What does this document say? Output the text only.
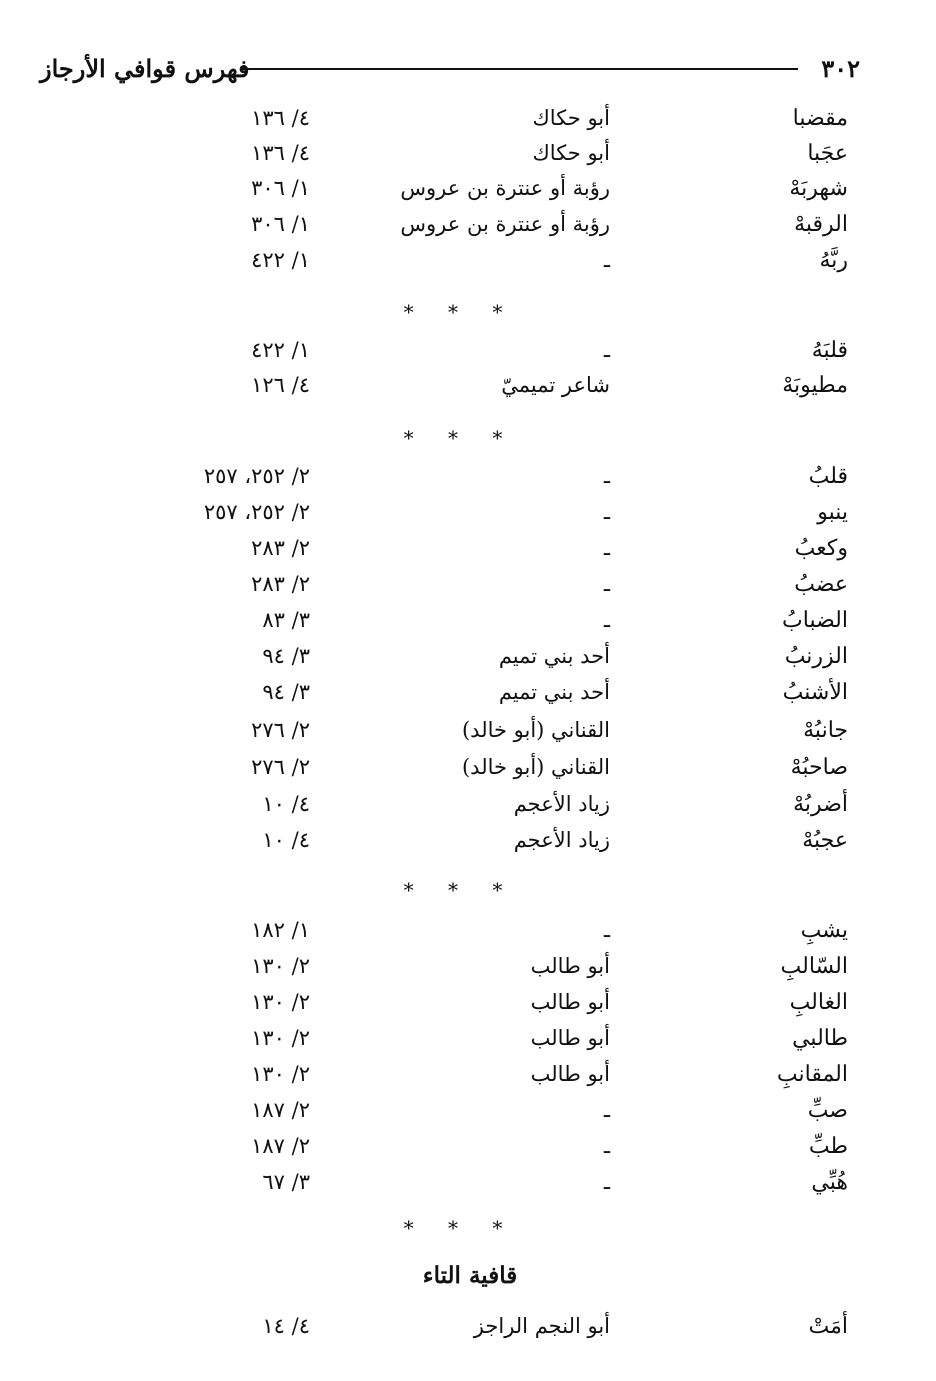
فهرس قوافي الأرجاز	٣٠٢
مقضبا
أبو حكاك
٤/ ١٣٦
عجَبا
أبو حكاك
٤/ ١٣٦
شهربَهْ
رؤبة أو عنترة بن عروس
١/ ٣٠٦
الرقبهْ
رؤبة أو عنترة بن عروس
١/ ٣٠٦
ربَّهُ
ـ
١/ ٤٢٢
* * *
قلبَهُ
ـ
١/ ٤٢٢
مطيوبَهْ
شاعر تميميّ
٤/ ١٢٦
* * *
قلبُ
ـ
٢/ ٢٥٢، ٢٥٧
ينبو
ـ
٢/ ٢٥٢، ٢٥٧
وكعبُ
ـ
٢/ ٢٨٣
عضبُ
ـ
٢/ ٢٨٣
الضبابُ
ـ
٣/ ٨٣
الزرنبُ
أحد بني تميم
٣/ ٩٤
الأشنبُ
أحد بني تميم
٣/ ٩٤
جانبُهْ
القناني (أبو خالد)
٢/ ٢٧٦
صاحبُهْ
القناني (أبو خالد)
٢/ ٢٧٦
أضربُهْ
زياد الأعجم
٤/ ١٠
عجبُهْ
زياد الأعجم
٤/ ١٠
* * *
يشبِ
ـ
١/ ١٨٢
السّالبِ
أبو طالب
٢/ ١٣٠
الغالبِ
أبو طالب
٢/ ١٣٠
طالبي
أبو طالب
٢/ ١٣٠
المقانبِ
أبو طالب
٢/ ١٣٠
صبِّ
ـ
٢/ ١٨٧
طبِّ
ـ
٢/ ١٨٧
هُبِّي
ـ
٣/ ٦٧
* * *
قافية التاء
أمَتْ
أبو النجم الراجز
٤/ ١٤
